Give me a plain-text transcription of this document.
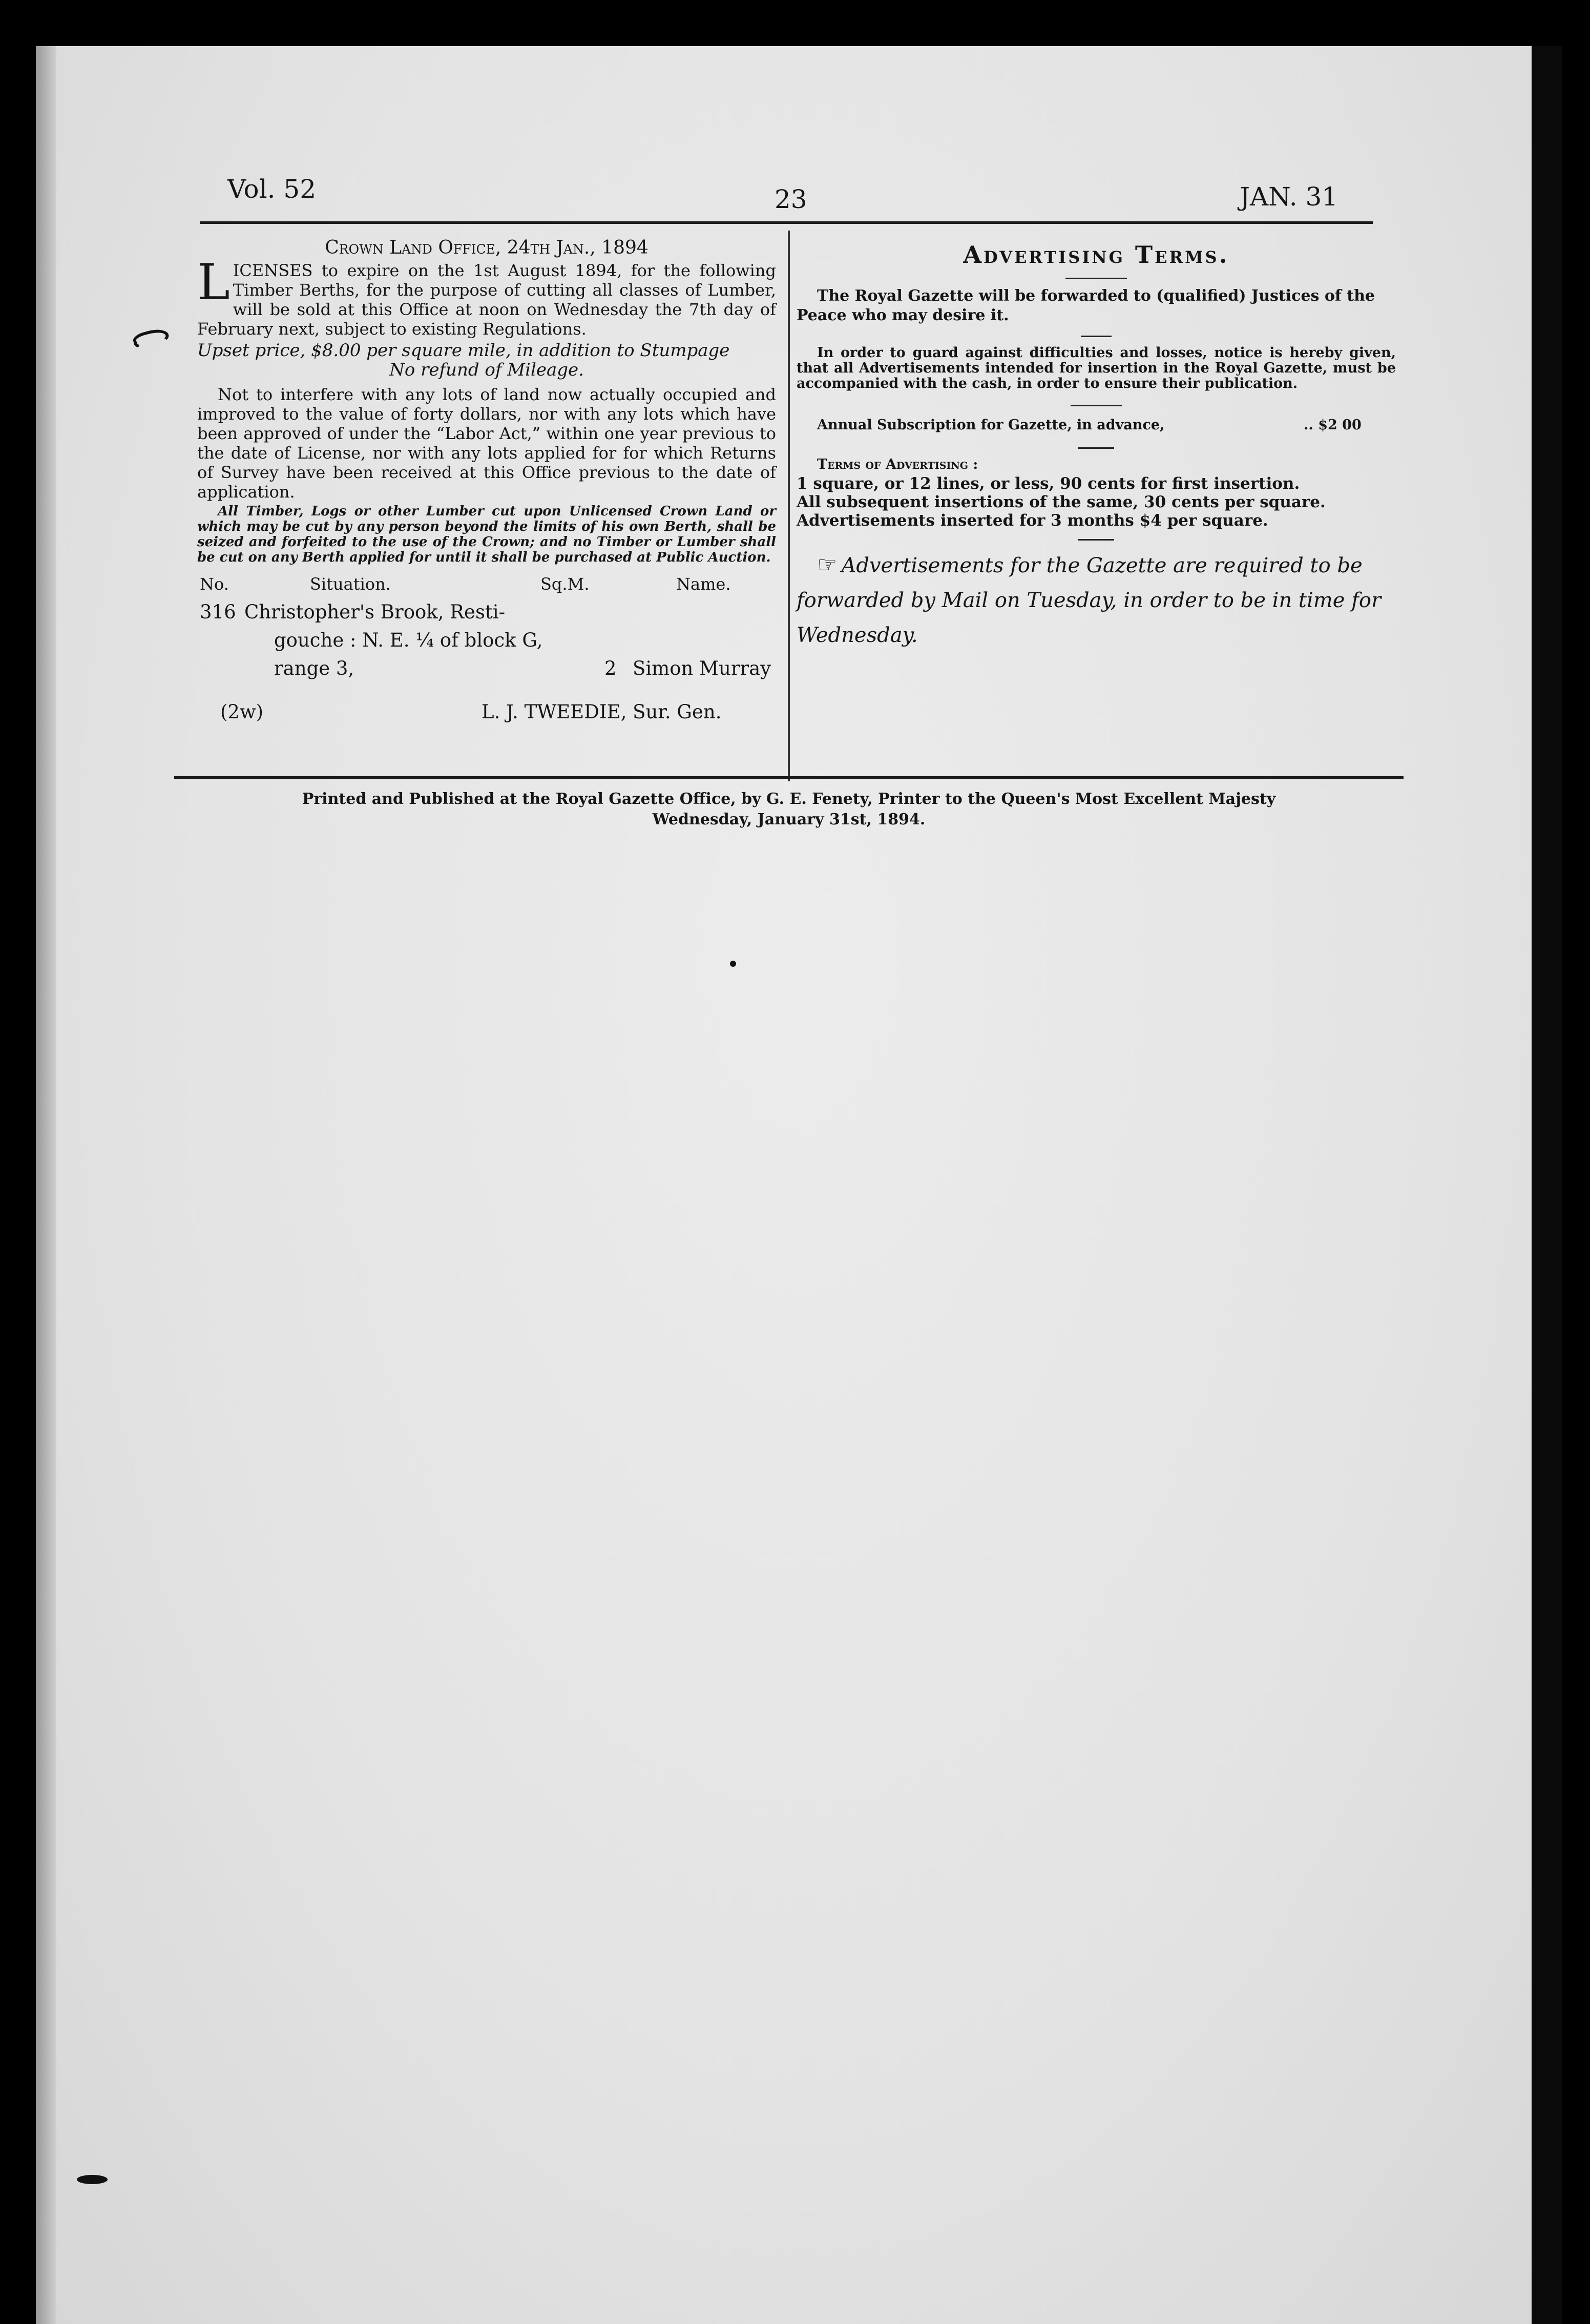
Vol. 52	23	JAN. 31
Crown Land Office, 24th Jan., 1894
L ICENSES to expire on the 1st August 1894, for the following Timber Berths, for the purpose of cutting all classes of Lumber, will be sold at this Office at noon on Wednesday the 7th day of February next, subject to existing Regulations.
Upset price, $8.00 per square mile, in addition to Stumpage
No refund of Mileage.
Not to interfere with any lots of land now actually occupied and improved to the value of forty dollars, nor with any lots which have been approved of under the “Labor Act,” within one year previous to the date of License, nor with any lots applied for for which Returns of Survey have been received at this Office previous to the date of application.
All Timber, Logs or other Lumber cut upon Unlicensed Crown Land or which may be cut by any person beyond the limits of his own Berth, shall be seized and forfeited to the use of the Crown; and no Timber or Lumber shall be cut on any Berth applied for until it shall be purchased at Public Auction.
No.	Situation.	Sq.M.	Name.
316 Christopher's Brook, Resti-
gouche : N. E. ¼ of block G,
range 3,	2 Simon Murray
(2w)	L. J. TWEEDIE, Sur. Gen.
Advertising Terms.
The Royal Gazette will be forwarded to (qualified) Justices of the Peace who may desire it.
In order to guard against difficulties and losses, notice is hereby given, that all Advertisements intended for insertion in the Royal Gazette, must be accompanied with the cash, in order to ensure their publication.
Annual Subscription for Gazette, in advance,	.. $2 00
Terms of Advertising :
1 square, or 12 lines, or less, 90 cents for first insertion.
All subsequent insertions of the same, 30 cents per square.
Advertisements inserted for 3 months $4 per square.
☞ Advertisements for the Gazette are required to be forwarded by Mail on Tuesday, in order to be in time for Wednesday.
Printed and Published at the Royal Gazette Office, by G. E. Fenety, Printer to the Queen's Most Excellent Majesty
Wednesday, January 31st, 1894.
